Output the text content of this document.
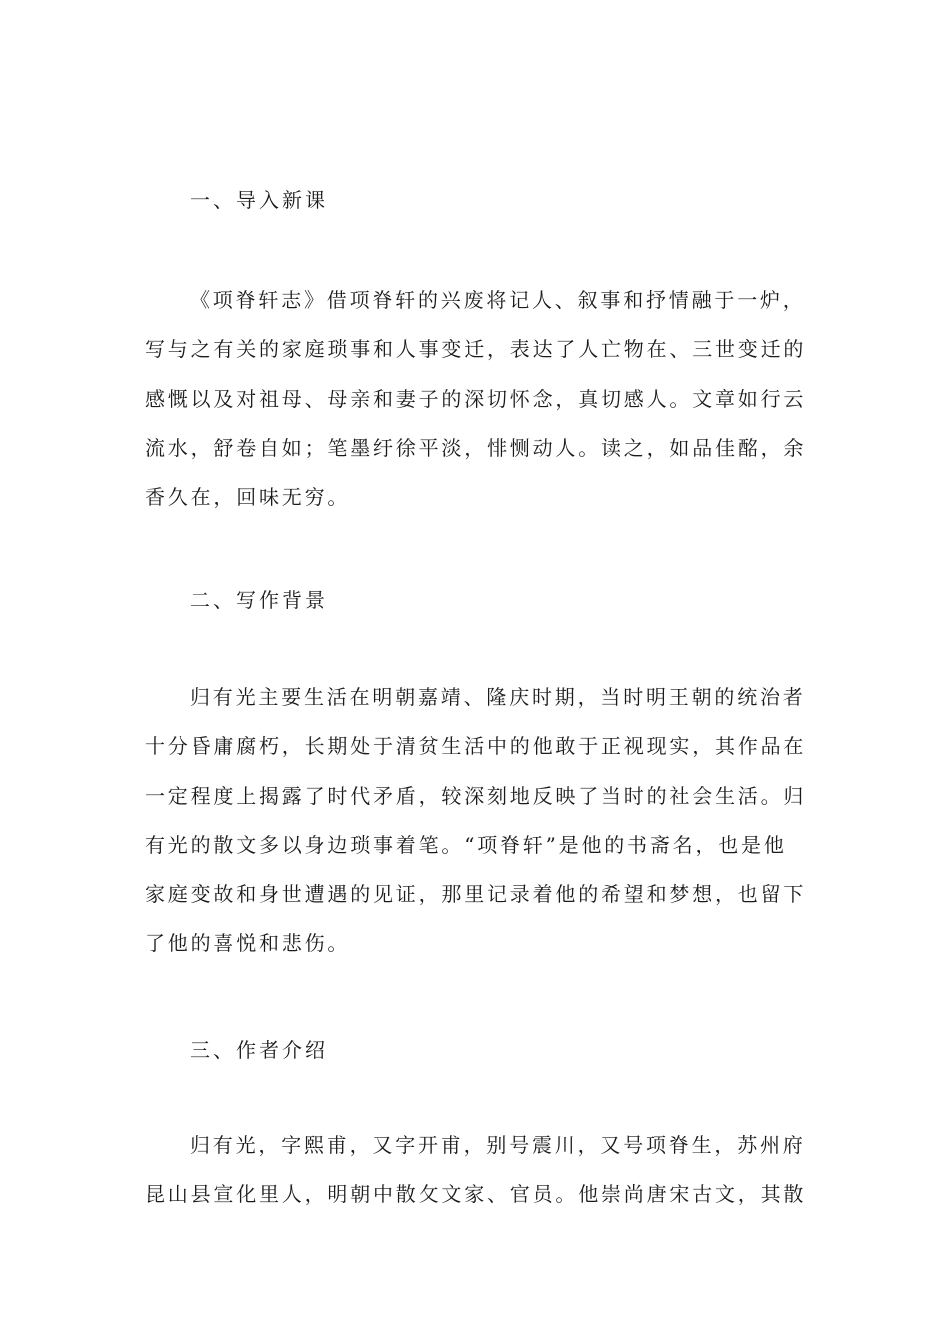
一、导入新课
《项脊轩志》借项脊轩的兴废将记人、叙事和抒情融于一炉，
写与之有关的家庭琐事和人事变迁，表达了人亡物在、三世变迁的
感慨以及对祖母、母亲和妻子的深切怀念，真切感人。文章如行云
流水，舒卷自如；笔墨纡徐平淡，悱恻动人。读之，如品佳酩，余
香久在，回味无穷。
二、写作背景
归有光主要生活在明朝嘉靖、隆庆时期，当时明王朝的统治者
十分昏庸腐朽，长期处于清贫生活中的他敢于正视现实，其作品在
一定程度上揭露了时代矛盾，较深刻地反映了当时的社会生活。归
有光的散文多以身边琐事着笔。“项脊轩”是他的书斋名，也是他
家庭变故和身世遭遇的见证，那里记录着他的希望和梦想，也留下
了他的喜悦和悲伤。
三、作者介绍
归有光，字熙甫，又字开甫，别号震川，又号项脊生，苏州府
昆山县宣化里人，明朝中散攵文家、官员。他崇尚唐宋古文，其散
